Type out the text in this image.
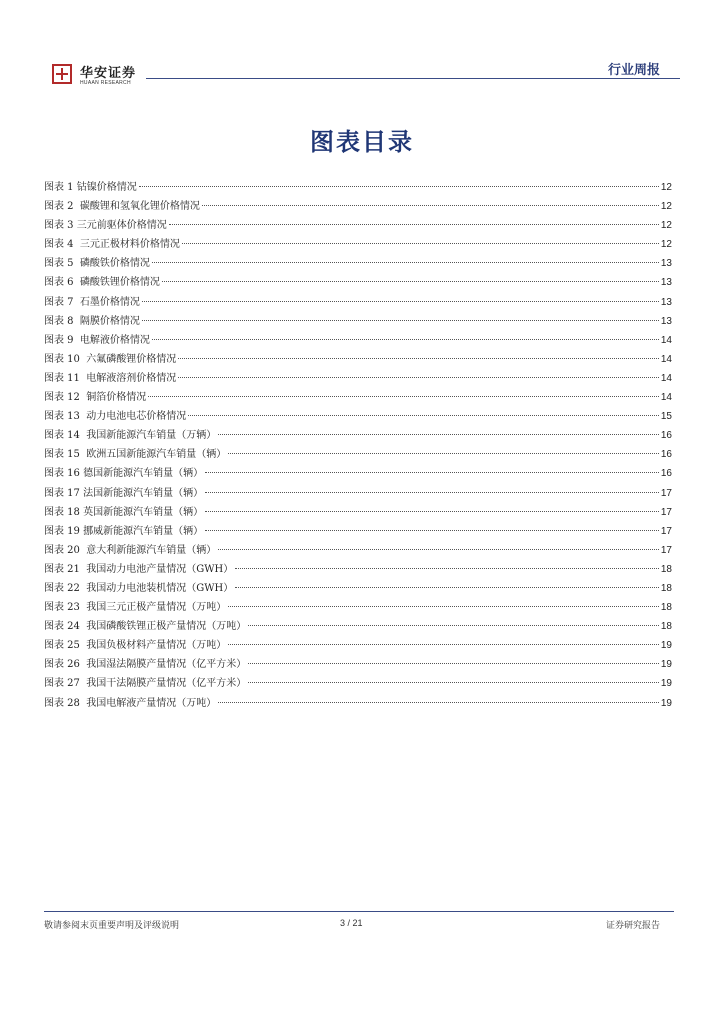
华安证券
HUAAN RESEARCH
行业周报
图表目录
图表 1 钴镍价格情况	12
图表 2  碳酸锂和氢氧化锂价格情况	12
图表 3 三元前驱体价格情况	12
图表 4  三元正极材料价格情况	12
图表 5  磷酸铁价格情况	13
图表 6  磷酸铁锂价格情况	13
图表 7  石墨价格情况	13
图表 8  隔膜价格情况	13
图表 9  电解液价格情况	14
图表 10  六氟磷酸锂价格情况	14
图表 11  电解液溶剂价格情况	14
图表 12  铜箔价格情况	14
图表 13  动力电池电芯价格情况	15
图表 14  我国新能源汽车销量（万辆）	16
图表 15  欧洲五国新能源汽车销量（辆）	16
图表 16 德国新能源汽车销量（辆）	16
图表 17 法国新能源汽车销量（辆）	17
图表 18 英国新能源汽车销量（辆）	17
图表 19 挪威新能源汽车销量（辆）	17
图表 20  意大利新能源汽车销量（辆）	17
图表 21  我国动力电池产量情况（GWH）	18
图表 22  我国动力电池装机情况（GWH）	18
图表 23  我国三元正极产量情况（万吨）	18
图表 24  我国磷酸铁锂正极产量情况（万吨）	18
图表 25  我国负极材料产量情况（万吨）	19
图表 26  我国湿法隔膜产量情况（亿平方米）	19
图表 27  我国干法隔膜产量情况（亿平方米）	19
图表 28  我国电解液产量情况（万吨）	19
敬请参阅末页重要声明及评级说明	3 / 21	证券研究报告
